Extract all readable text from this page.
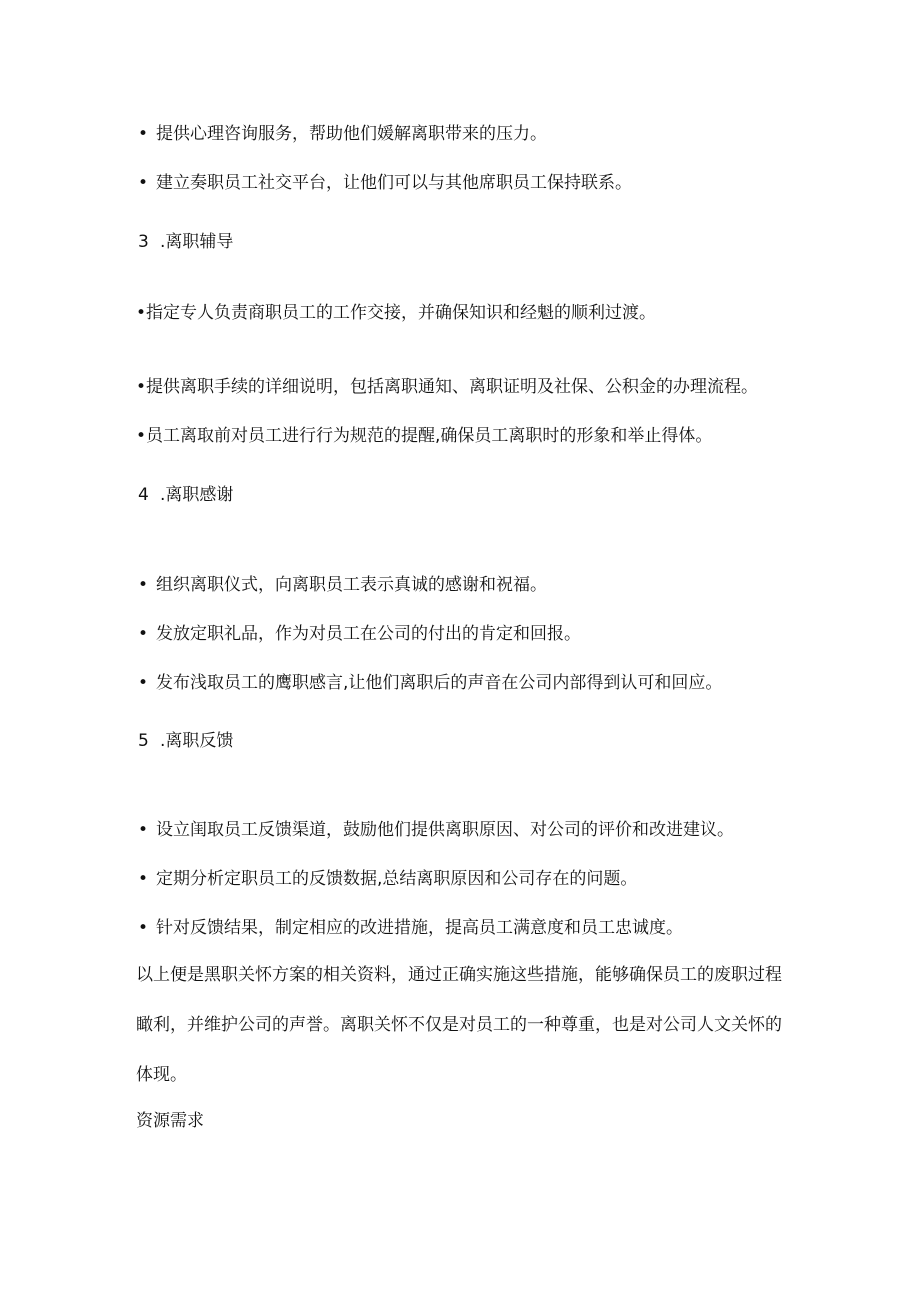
• 提供心理咨询服务，帮助他们媛解离职带来的压力。
• 建立奏职员工社交平台，让他们可以与其他席职员工保持联系。
3 .离职辅导
•指定专人负责商职员工的工作交接，并确保知识和经魁的顺利过渡。
•提供离职手续的详细说明，包括离职通知、离职证明及社保、公积金的办理流程。
•员工离取前对员工进行行为规范的提醒,确保员工离职时的形象和举止得体。
4 .离职感谢
• 组织离职仪式，向离职员工表示真诚的感谢和祝福。
• 发放定职礼品，作为对员工在公司的付出的肯定和回报。
• 发布浅取员工的鹰职感言,让他们离职后的声音在公司内部得到认可和回应。
5 .离职反馈
• 设立闺取员工反馈渠道，鼓励他们提供离职原因、对公司的评价和改进建议。
• 定期分析定职员工的反馈数据,总结离职原因和公司存在的问题。
• 针对反馈结果，制定相应的改进措施，提高员工满意度和员工忠诚度。
以上便是黑职关怀方案的相关资料，通过正确实施这些措施，能够确保员工的废职过程
瞰利，并维护公司的声誉。离职关怀不仅是对员工的一种尊重，也是对公司人文关怀的
体现。
资源需求
